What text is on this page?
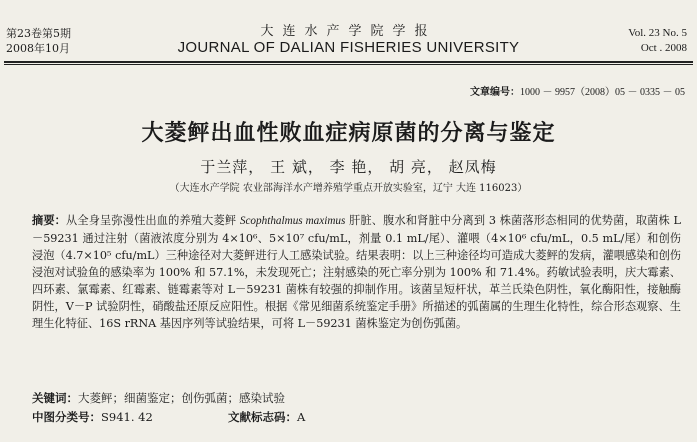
第23卷第5期
2008年10月
大连水产学院学报
JOURNAL OF DALIAN FISHERIES UNIVERSITY
Vol. 23 No. 5
Oct . 2008
文章编号：1000 － 9957（2008）05 － 0335 － 05
大菱鲆出血性败血症病原菌的分离与鉴定
于兰萍， 王 斌， 李 艳， 胡 亮， 赵凤梅
（大连水产学院 农业部海洋水产增养殖学重点开放实验室，辽宁 大连 116023）
摘要：从全身呈弥漫性出血的养殖大菱鲆 Scophthalmus maximus 肝脏、腹水和肾脏中分离到 3 株菌落形态相同的优势菌，取菌株 L－59231 通过注射（菌液浓度分别为 4×10⁶、5×10⁷ cfu/mL，剂量 0.1 mL/尾）、灌喂（4×10⁶ cfu/mL，0.5 mL/尾）和创伤浸泡（4.7×10⁵ cfu/mL）三种途径对大菱鲆进行人工感染试验。结果表明：以上三种途径均可造成大菱鲆的发病，灌喂感染和创伤浸泡对试验鱼的感染率为 100% 和 57.1%，未发现死亡；注射感染的死亡率分别为 100% 和 71.4%。药敏试验表明，庆大霉素、四环素、氯霉素、红霉素、链霉素等对 L－59231 菌株有较强的抑制作用。该菌呈短杆状，革兰氏染色阴性，氧化酶阳性，接触酶阴性，V－P 试验阴性，硝酸盐还原反应阳性。根据《常见细菌系统鉴定手册》所描述的弧菌属的生理生化特性，综合形态观察、生理生化特征、16S rRNA 基因序列等试验结果，可将 L－59231 菌株鉴定为创伤弧菌。
关键词：大菱鲆；细菌鉴定；创伤弧菌；感染试验
中图分类号：S941. 42	文献标志码：A
